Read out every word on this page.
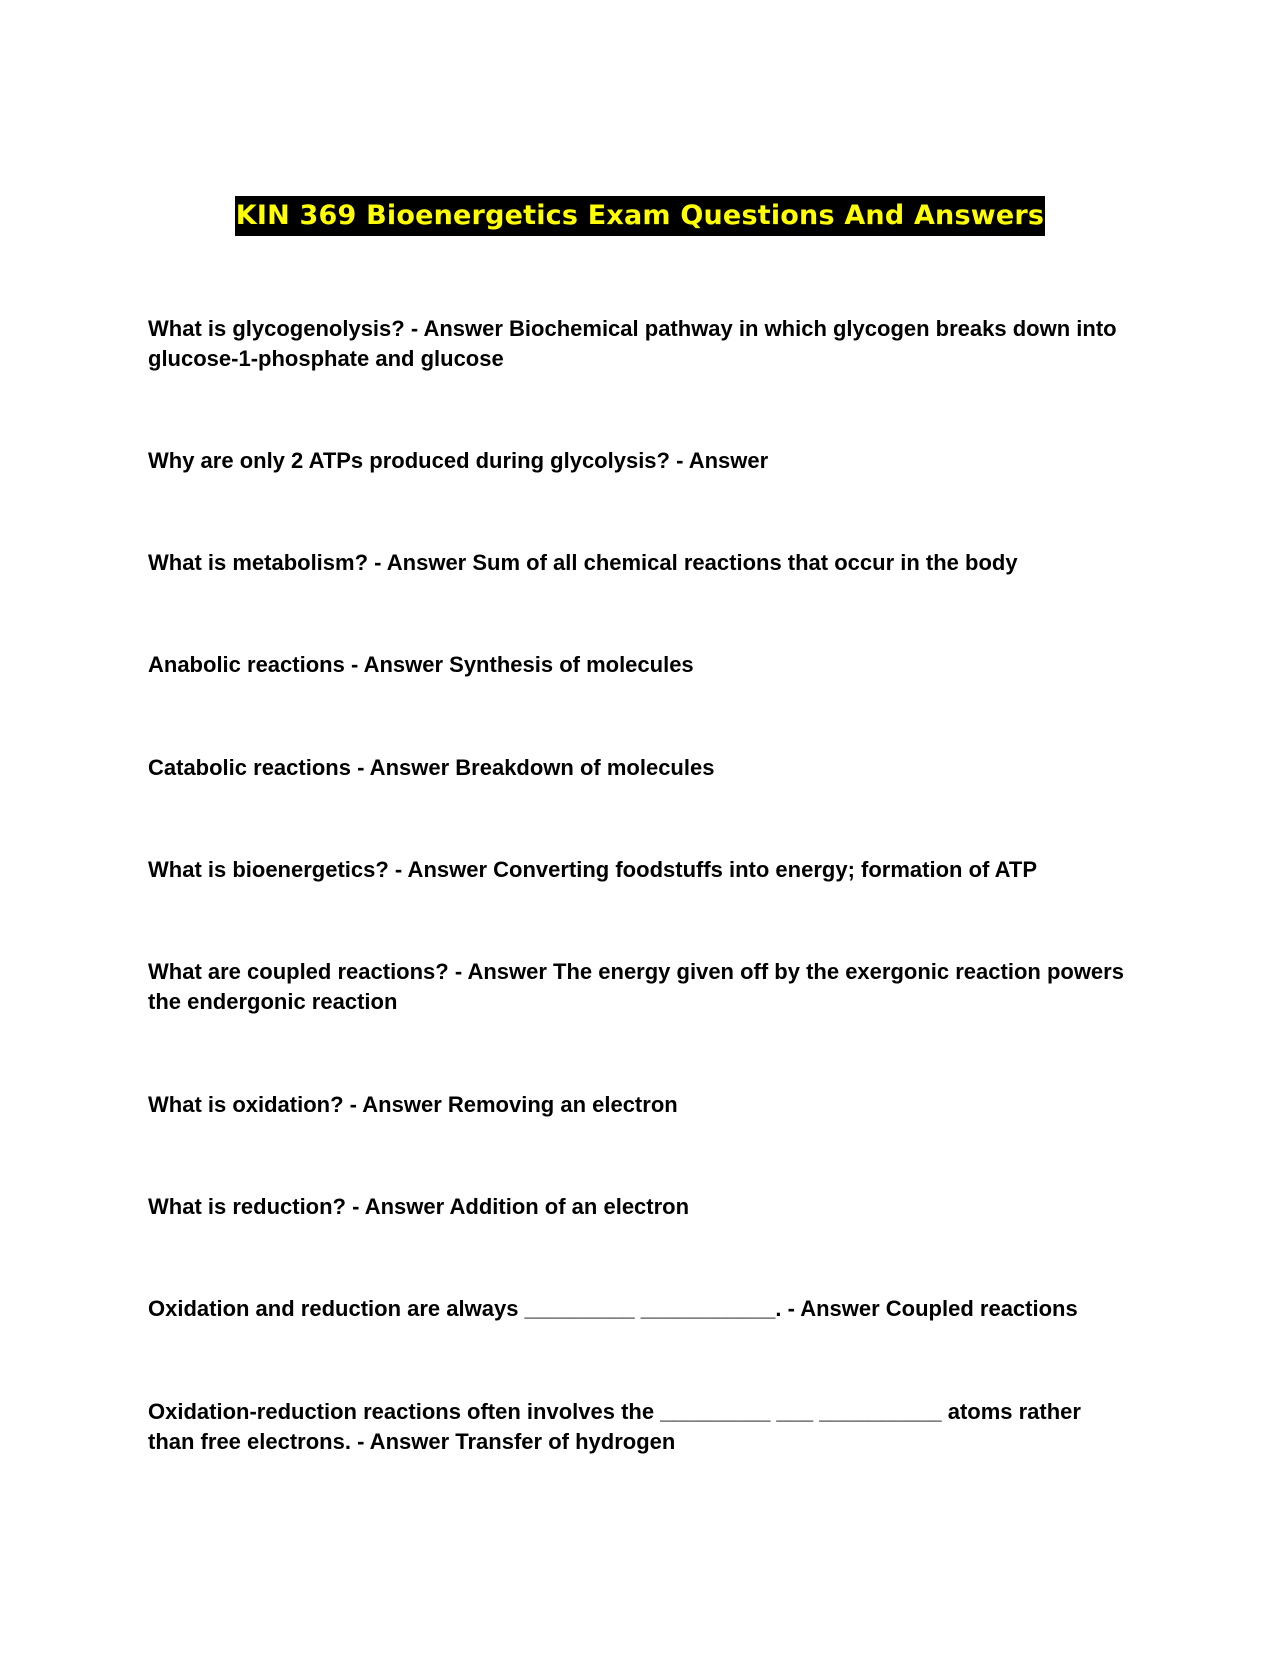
KIN 369 Bioenergetics Exam Questions And Answers

What is glycogenolysis? - Answer Biochemical pathway in which glycogen breaks down into glucose-1-phosphate and glucose

Why are only 2 ATPs produced during glycolysis? - Answer

What is metabolism? - Answer Sum of all chemical reactions that occur in the body

Anabolic reactions - Answer Synthesis of molecules

Catabolic reactions - Answer Breakdown of molecules

What is bioenergetics? - Answer Converting foodstuffs into energy; formation of ATP

What are coupled reactions? - Answer The energy given off by the exergonic reaction powers the endergonic reaction

What is oxidation? - Answer Removing an electron

What is reduction? - Answer Addition of an electron

Oxidation and reduction are always _________ ___________. - Answer Coupled reactions

Oxidation-reduction reactions often involves the _________ ___ __________ atoms rather than free electrons. - Answer Transfer of hydrogen
